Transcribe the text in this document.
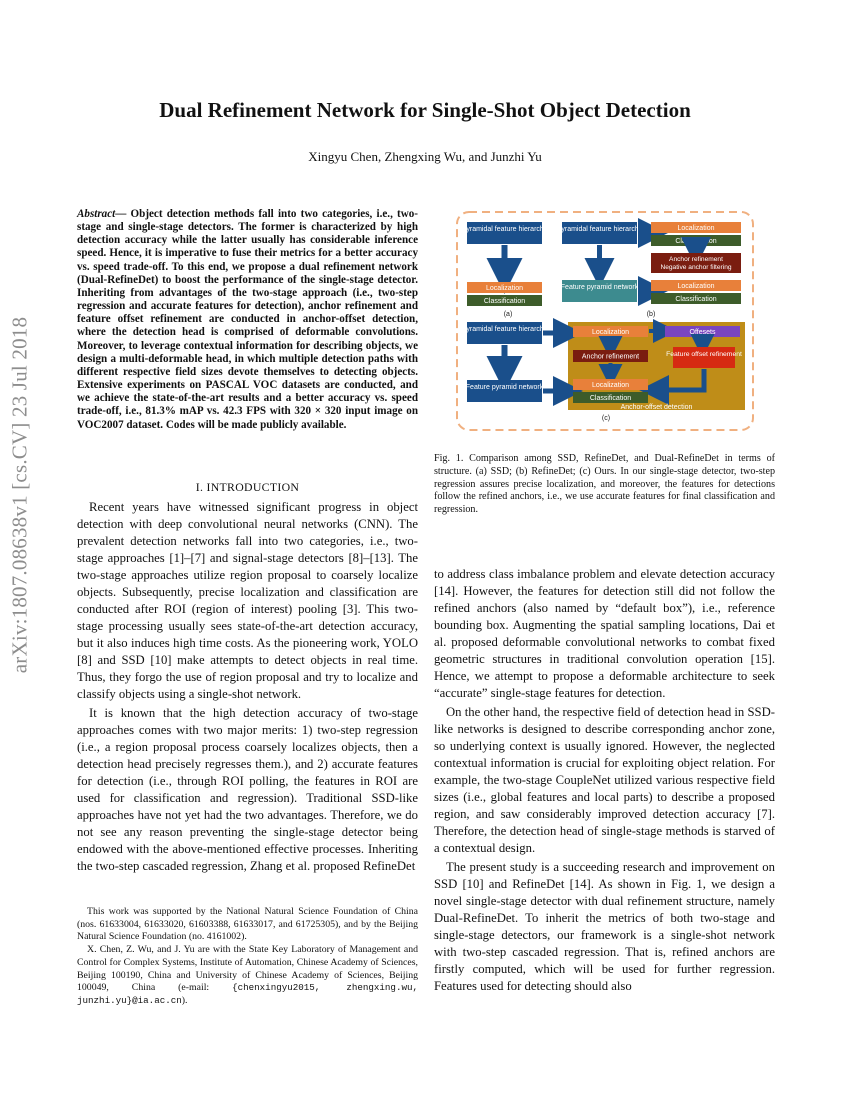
arXiv:1807.08638v1 [cs.CV] 23 Jul 2018
Dual Refinement Network for Single-Shot Object Detection
Xingyu Chen, Zhengxing Wu, and Junzhi Yu
Abstract— Object detection methods fall into two categories, i.e., two-stage and single-stage detectors. The former is characterized by high detection accuracy while the latter usually has considerable inference speed. Hence, it is imperative to fuse their metrics for a better accuracy vs. speed trade-off. To this end, we propose a dual refinement network (Dual-RefineDet) to boost the performance of the single-stage detector. Inheriting from advantages of the two-stage approach (i.e., two-step regression and accurate features for detection), anchor refinement and feature offset refinement are conducted in anchor-offset detection, where the detection head is comprised of deformable convolutions. Moreover, to leverage contextual information for describing objects, we design a multi-deformable head, in which multiple detection paths with different respective field sizes devote themselves to detecting objects. Extensive experiments on PASCAL VOC datasets are conducted, and we achieve the state-of-the-art results and a better accuracy vs. speed trade-off, i.e., 81.3% mAP vs. 42.3 FPS with 320 × 320 input image on VOC2007 dataset. Codes will be made publicly available.
I. INTRODUCTION

Recent years have witnessed significant progress in object detection with deep convolutional neural networks (CNN). The prevalent detection networks fall into two categories, i.e., two-stage approaches [1]–[7] and signal-stage detectors [8]–[13]. The two-stage approaches utilize region proposal to coarsely localize objects. Subsequently, precise localization and classification are conducted after ROI (region of interest) pooling [3]. This two-stage processing usually sees state-of-the-art detection accuracy, but it also induces high time costs. As the pioneering work, YOLO [8] and SSD [10] make attempts to detect objects in real time. Thus, they forgo the use of region proposal and try to localize and classify objects using a single-shot network.

It is known that the high detection accuracy of two-stage approaches comes with two major merits: 1) two-step regression (i.e., a region proposal process coarsely localizes objects, then a detection head precisely regresses them.), and 2) accurate features for detection (i.e., through ROI polling, the features in ROI are used for classification and regression). Traditional SSD-like approaches have not yet had the two advantages. Therefore, we do not see any reason preventing the single-stage detector being endowed with the above-mentioned effective processes. Inheriting the two-step cascaded regression, Zhang et al. proposed RefineDet

This work was supported by the National Natural Science Foundation of China (nos. 61633004, 61633020, 61603388, 61633017, and 61725305), and by the Beijing Natural Science Foundation (no. 4161002).

X. Chen, Z. Wu, and J. Yu are with the State Key Laboratory of Management and Control for Complex Systems, Institute of Automation, Chinese Academy of Sciences, Beijing 100190, China and University of Chinese Academy of Sciences, Beijing 100049, China (e-mail: {chenxingyu2015, zhengxing.wu, junzhi.yu}@ia.ac.cn).

Pyramidal feature hierarchy
Localization
Classification
(a)
Pyramidal feature hierarchy	Localization
Classification
Anchor refinement
Negative anchor filtering
Feature pyramid network	Localization
Classification
(b)
Pyramidal feature hierarchy
Feature pyramid network
Localization	Offesets
Anchor refinement	Feature offset refinement
Localization
Classification
Anchor-offset detection
(c)
Fig. 1. Comparison among SSD, RefineDet, and Dual-RefineDet in terms of structure. (a) SSD; (b) RefineDet; (c) Ours. In our single-stage detector, two-step regression assures precise localization, and moreover, the features for detections follow the refined anchors, i.e., we use accurate features for final classification and regression.

to address class imbalance problem and elevate detection accuracy [14]. However, the features for detection still did not follow the refined anchors (also named by “default box”), i.e., reference bounding box. Augmenting the spatial sampling locations, Dai et al. proposed deformable convolutional networks to combat fixed geometric structures in traditional convolution operation [15]. Hence, we attempt to propose a deformable architecture to seek “accurate” single-stage features for detection.

On the other hand, the respective field of detection head in SSD-like networks is designed to describe corresponding anchor zone, so underlying context is usually ignored. However, the neglected contextual information is crucial for exploiting object relation. For example, the two-stage CoupleNet utilized various respective field sizes (i.e., global features and local parts) to describe a proposed region, and saw considerably improved detection accuracy [7]. Therefore, the detection head of single-stage methods is starved of a contextual design.

The present study is a succeeding research and improvement on SSD [10] and RefineDet [14]. As shown in Fig. 1, we design a novel single-stage detector with dual refinement structure, namely Dual-RefineDet. To inherit the metrics of both two-stage and single-stage detectors, our framework is a single-shot network with two-step cascaded regression. That is, refined anchors are firstly computed, which will be used for further regression. Features used for detecting should also
